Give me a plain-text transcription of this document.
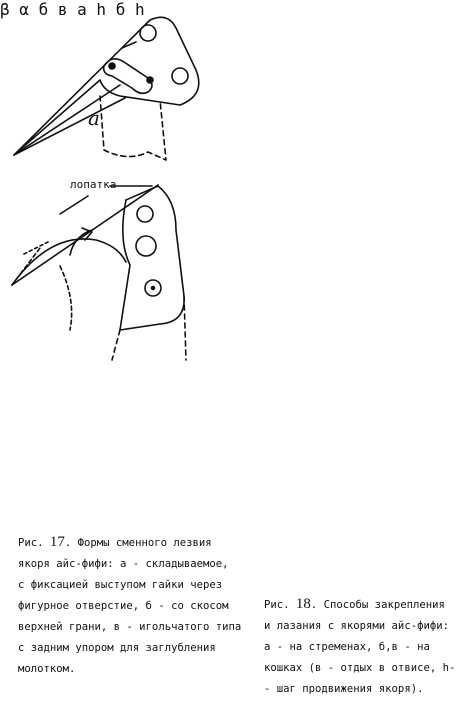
а
лопатка
β α б в а h б h
Рис. 17. Формы сменного лезвия
якоря айс-фифи: а - складываемое,
с фиксацией выступом гайки через
фигурное отверстие, б - со скосом
верхней грани, в - игольчатого типа
с задним упором для заглубления
молотком.
Рис. 18. Способы закрепления
и лазания с якорями айс-фифи:
а - на стременах, б,в - на
кошках (в - отдых в отвисе, h-
- шаг продвижения якоря).
